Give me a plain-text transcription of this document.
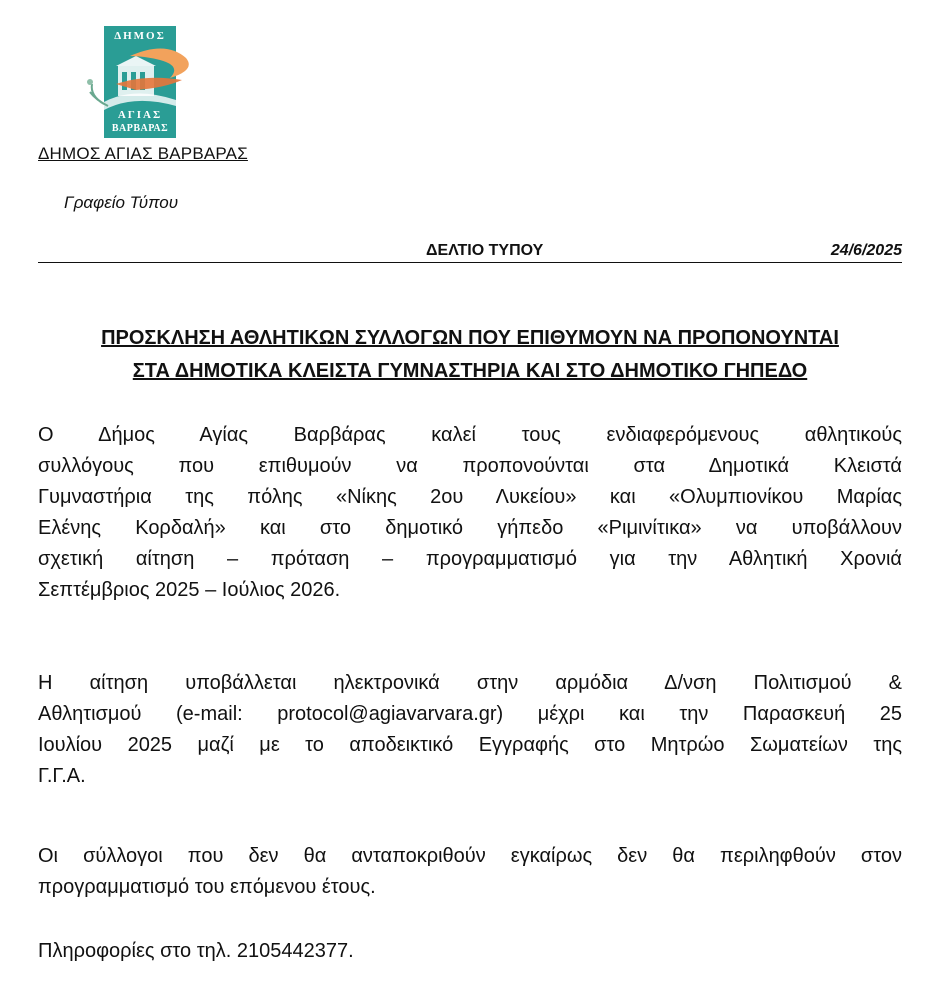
ΔΗΜΟΣ
ΑΓΙΑΣ
ΒΑΡΒΑΡΑΣ
ΔΗΜΟΣ ΑΓΙΑΣ ΒΑΡΒΑΡΑΣ
Γραφείο Τύπου
ΔΕΛΤΙΟ ΤΥΠΟΥ	24/6/2025
ΠΡΟΣΚΛΗΣΗ ΑΘΛΗΤΙΚΩΝ ΣΥΛΛΟΓΩΝ ΠΟΥ ΕΠΙΘΥΜΟΥΝ ΝΑ ΠΡΟΠΟΝΟΥΝΤΑΙ
ΣΤΑ ΔΗΜΟΤΙΚΑ ΚΛΕΙΣΤΑ ΓΥΜΝΑΣΤΗΡΙΑ ΚΑΙ ΣΤΟ ΔΗΜΟΤΙΚΟ ΓΗΠΕΔΟ
Ο Δήμος Αγίας Βαρβάρας καλεί τους ενδιαφερόμενους αθλητικούς
συλλόγους που επιθυμούν να προπονούνται στα Δημοτικά Κλειστά
Γυμναστήρια της πόλης «Νίκης 2ου Λυκείου» και «Ολυμπιονίκου Μαρίας
Ελένης Κορδαλή» και στο δημοτικό γήπεδο «Ριμινίτικα» να υποβάλλουν
σχετική αίτηση – πρόταση – προγραμματισμό για την Αθλητική Χρονιά
Σεπτέμβριος 2025 – Ιούλιος 2026.
Η αίτηση υποβάλλεται ηλεκτρονικά στην αρμόδια Δ/νση Πολιτισμού &
Αθλητισμού (e-mail: protocol@agiavarvara.gr) μέχρι και την Παρασκευή 25
Ιουλίου 2025 μαζί με το αποδεικτικό Εγγραφής στο Μητρώο Σωματείων της
Γ.Γ.Α.
Οι σύλλογοι που δεν θα ανταποκριθούν εγκαίρως δεν θα περιληφθούν στον
προγραμματισμό του επόμενου έτους.
Πληροφορίες στο τηλ. 2105442377.
